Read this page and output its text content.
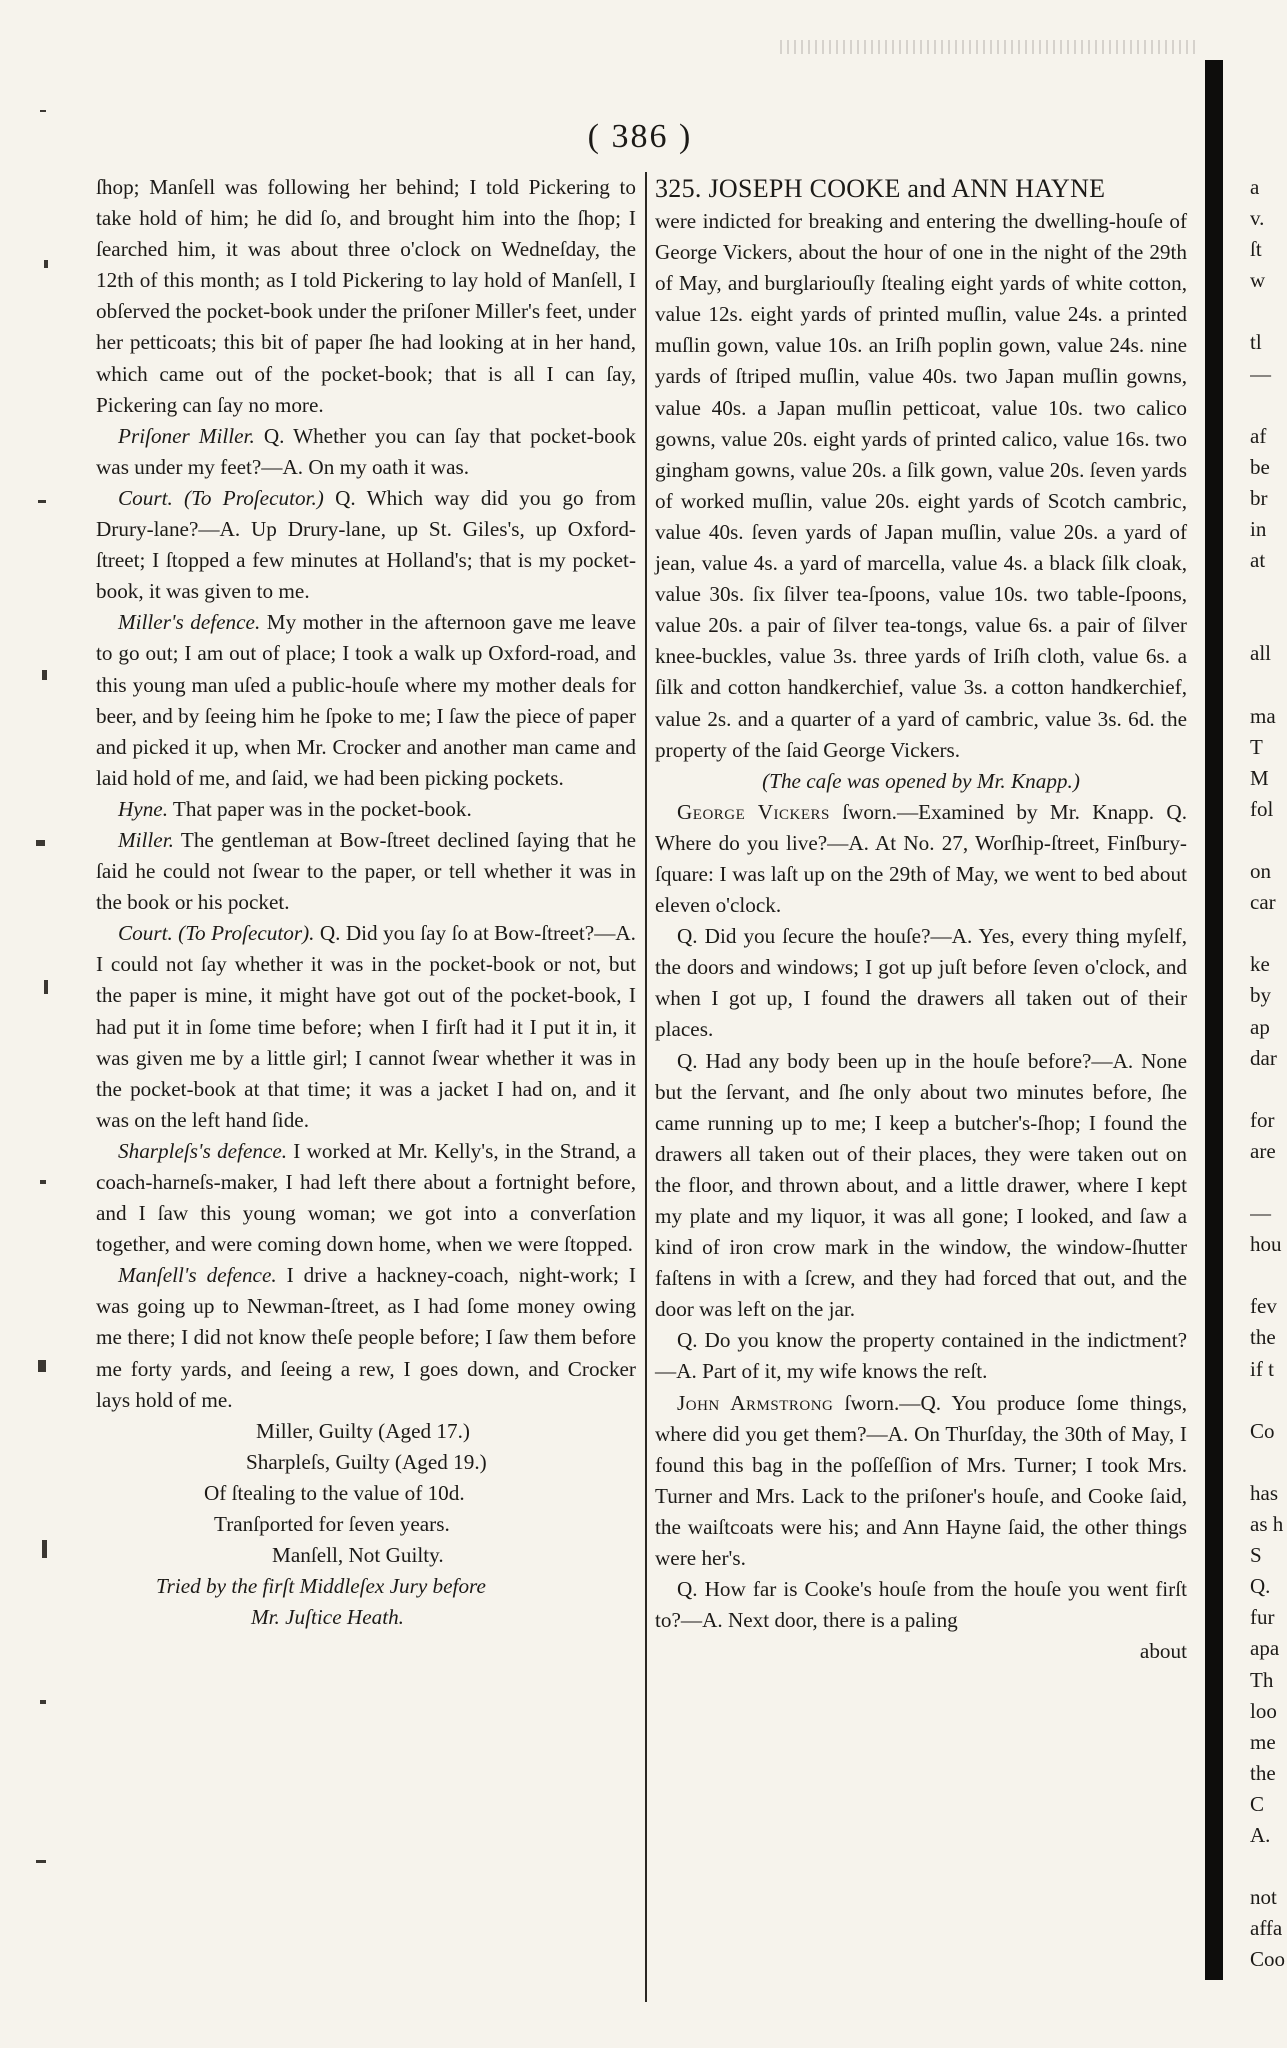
( 386 )

ſhop; Manſell was following her behind; I told Pickering to take hold of him; he did ſo, and brought him into the ſhop; I ſearched him, it was about three o'clock on Wedneſday, the 12th of this month; as I told Pickering to lay hold of Manſell, I obſerved the pocket-book under the priſoner Miller's feet, under her petticoats; this bit of paper ſhe had looking at in her hand, which came out of the pocket-book; that is all I can ſay, Pickering can ſay no more.

Priſoner Miller. Q. Whether you can ſay that pocket-book was under my feet?—A. On my oath it was.

Court. (To Proſecutor.) Q. Which way did you go from Drury-lane?—A. Up Drury-lane, up St. Giles's, up Oxford-ſtreet; I ſtopped a few minutes at Holland's; that is my pocket-book, it was given to me.

Miller's defence. My mother in the afternoon gave me leave to go out; I am out of place; I took a walk up Oxford-road, and this young man uſed a public-houſe where my mother deals for beer, and by ſeeing him he ſpoke to me; I ſaw the piece of paper and picked it up, when Mr. Crocker and another man came and laid hold of me, and ſaid, we had been picking pockets.

Hyne. That paper was in the pocket-book.

Miller. The gentleman at Bow-ſtreet declined ſaying that he ſaid he could not ſwear to the paper, or tell whether it was in the book or his pocket.

Court. (To Proſecutor). Q. Did you ſay ſo at Bow-ſtreet?—A. I could not ſay whether it was in the pocket-book or not, but the paper is mine, it might have got out of the pocket-book, I had put it in ſome time before; when I firſt had it I put it in, it was given me by a little girl; I cannot ſwear whether it was in the pocket-book at that time; it was a jacket I had on, and it was on the left hand ſide.

Sharpleſs's defence. I worked at Mr. Kelly's, in the Strand, a coach-harneſs-maker, I had left there about a fortnight before, and I ſaw this young woman; we got into a converſation together, and were coming down home, when we were ſtopped.

Manſell's defence. I drive a hackney-coach, night-work; I was going up to Newman-ſtreet, as I had ſome money owing me there; I did not know theſe people before; I ſaw them before me forty yards, and ſeeing a rew, I goes down, and Crocker lays hold of me.

Miller, Guilty (Aged 17.)

Sharpleſs, Guilty (Aged 19.)

Of ſtealing to the value of 10d.

Tranſported for ſeven years.

Manſell, Not Guilty.

Tried by the firſt Middleſex Jury before

Mr. Juſtice Heath.

325. JOSEPH COOKE and ANN HAYNE

were indicted for breaking and entering the dwelling-houſe of George Vickers, about the hour of one in the night of the 29th of May, and burglariouſly ſtealing eight yards of white cotton, value 12s. eight yards of printed muſlin, value 24s. a printed muſlin gown, value 10s. an Iriſh poplin gown, value 24s. nine yards of ſtriped muſlin, value 40s. two Japan muſlin gowns, value 40s. a Japan muſlin petticoat, value 10s. two calico gowns, value 20s. eight yards of printed calico, value 16s. two gingham gowns, value 20s. a ſilk gown, value 20s. ſeven yards of worked muſlin, value 20s. eight yards of Scotch cambric, value 40s. ſeven yards of Japan muſlin, value 20s. a yard of jean, value 4s. a yard of marcella, value 4s. a black ſilk cloak, value 30s. ſix ſilver tea-ſpoons, value 10s. two table-ſpoons, value 20s. a pair of ſilver tea-tongs, value 6s. a pair of ſilver knee-buckles, value 3s. three yards of Iriſh cloth, value 6s. a ſilk and cotton handkerchief, value 3s. a cotton handkerchief, value 2s. and a quarter of a yard of cambric, value 3s. 6d. the property of the ſaid George Vickers.

(The caſe was opened by Mr. Knapp.)

George Vickers ſworn.—Examined by Mr. Knapp. Q. Where do you live?—A. At No. 27, Worſhip-ſtreet, Finſbury-ſquare: I was laſt up on the 29th of May, we went to bed about eleven o'clock.

Q. Did you ſecure the houſe?—A. Yes, every thing myſelf, the doors and windows; I got up juſt before ſeven o'clock, and when I got up, I found the drawers all taken out of their places.

Q. Had any body been up in the houſe before?—A. None but the ſervant, and ſhe only about two minutes before, ſhe came running up to me; I keep a butcher's-ſhop; I found the drawers all taken out of their places, they were taken out on the floor, and thrown about, and a little drawer, where I kept my plate and my liquor, it was all gone; I looked, and ſaw a kind of iron crow mark in the window, the window-ſhutter faſtens in with a ſcrew, and they had forced that out, and the door was left on the jar.

Q. Do you know the property contained in the indictment?—A. Part of it, my wife knows the reſt.

John Armstrong ſworn.—Q. You produce ſome things, where did you get them?—A. On Thurſday, the 30th of May, I found this bag in the poſſeſſion of Mrs. Turner; I took Mrs. Turner and Mrs. Lack to the priſoner's houſe, and Cooke ſaid, the waiſtcoats were his; and Ann Hayne ſaid, the other things were her's.

Q. How far is Cooke's houſe from the houſe you went firſt to?—A. Next door, there is a paling

about

a
v.
ſt
w
tl
—
af
be
br
in
at
all
ma
T
M
fol
on
car
ke
by
ap
dar
for
are
—
hou
fev
the
if t
Co
has
as h
S
Q.
fur
apa
Th
loo
me
the
C
A.
not
affa
Coo
